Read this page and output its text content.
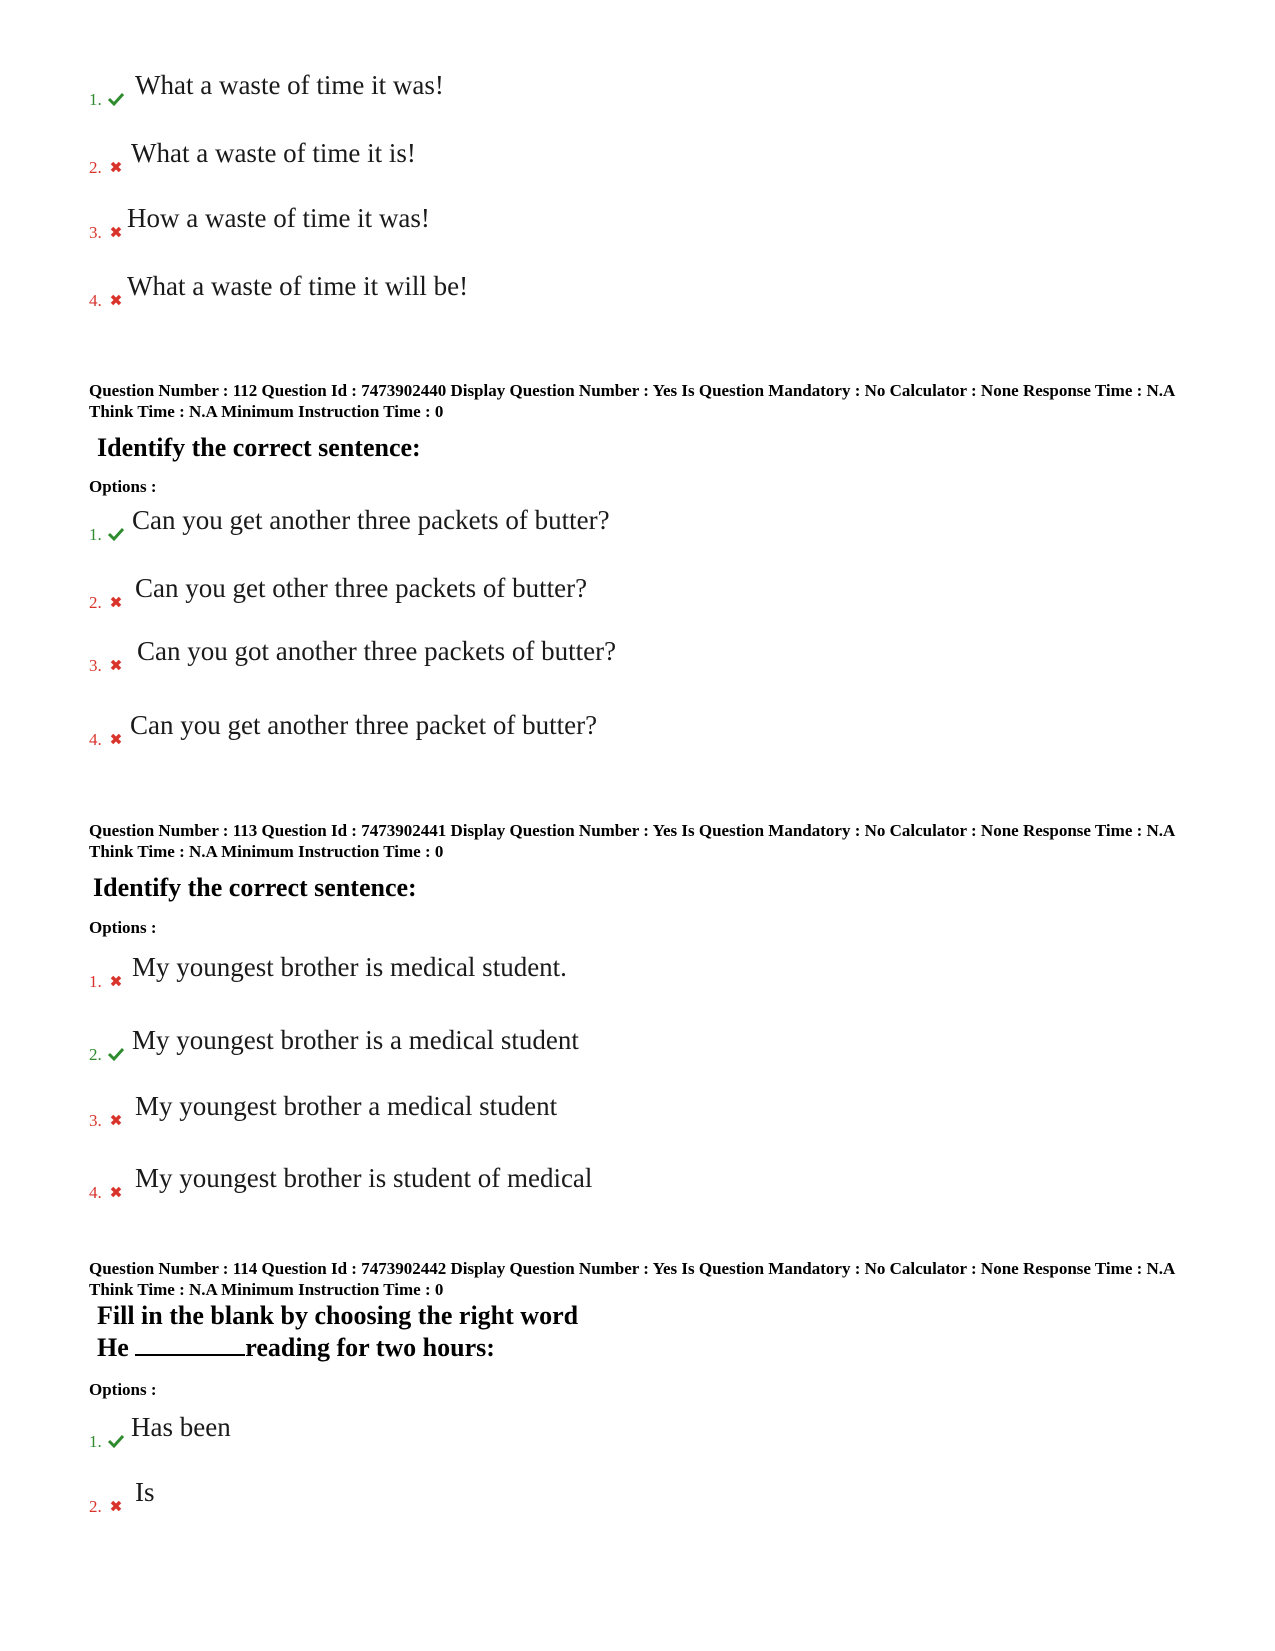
1. What a waste of time it was!
2. What a waste of time it is!
3. How a waste of time it was!
4. What a waste of time it will be!
Question Number : 112 Question Id : 7473902440 Display Question Number : Yes Is Question Mandatory : No Calculator : None Response Time : N.A Think Time : N.A Minimum Instruction Time : 0
Identify the correct sentence:
Options :
1. Can you get another three packets of butter?
2. Can you get other three packets of butter?
3. Can you got another three packets of butter?
4. Can you get another three packet of butter?
Question Number : 113 Question Id : 7473902441 Display Question Number : Yes Is Question Mandatory : No Calculator : None Response Time : N.A Think Time : N.A Minimum Instruction Time : 0
Identify the correct sentence:
Options :
1. My youngest brother is medical student.
2. My youngest brother is a medical student
3. My youngest brother a medical student
4. My youngest brother is student of medical
Question Number : 114 Question Id : 7473902442 Display Question Number : Yes Is Question Mandatory : No Calculator : None Response Time : N.A Think Time : N.A Minimum Instruction Time : 0
Fill in the blank by choosing the right word
He	reading for two hours:
Options :
1. Has been
2. Is
